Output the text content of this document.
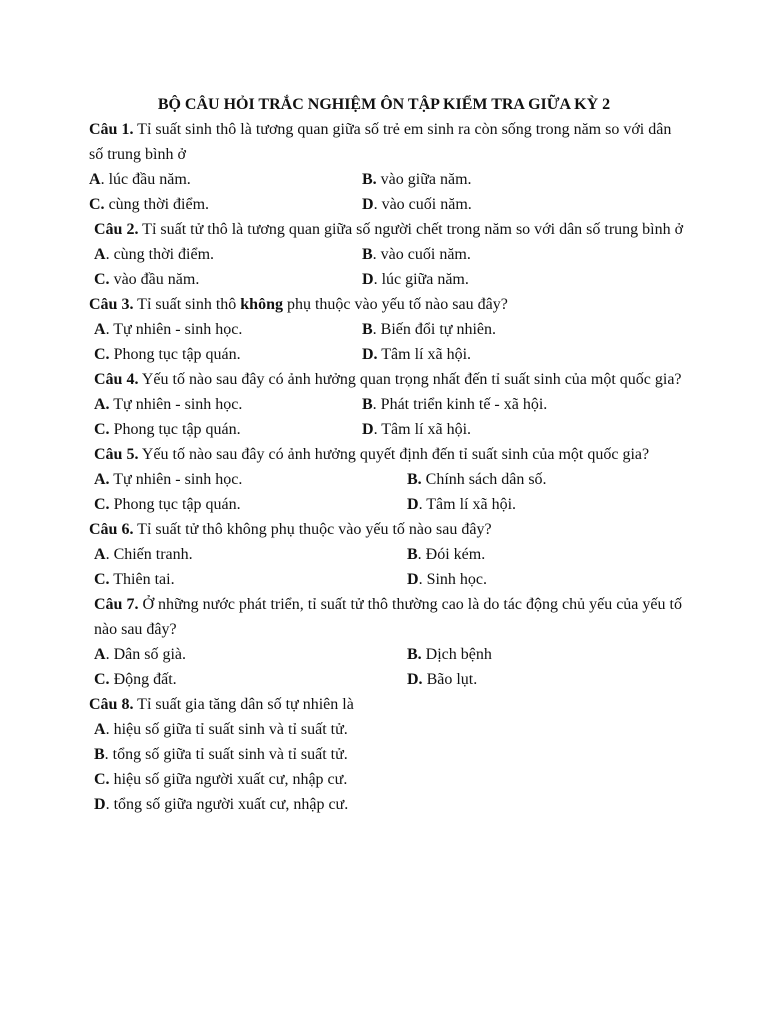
BỘ CÂU HỎI TRẮC NGHIỆM ÔN TẬP KIỂM TRA GIỮA KỲ 2

Câu 1. Tỉ suất sinh thô là tương quan giữa số trẻ em sinh ra còn sống trong năm so với dân số trung bình ở

A. lúc đầu năm.	B. vào giữa năm.
C. cùng thời điểm.	D. vào cuối năm.

Câu 2. Tỉ suất tử thô là tương quan giữa số người chết trong năm so với dân số trung bình ở

A. cùng thời điểm.	B. vào cuối năm.
C. vào đầu năm.	D. lúc giữa năm.

Câu 3. Tỉ suất sinh thô không phụ thuộc vào yếu tố nào sau đây?

A. Tự nhiên - sinh học.	B. Biến đổi tự nhiên.
C. Phong tục tập quán.	D. Tâm lí xã hội.

Câu 4. Yếu tố nào sau đây có ảnh hưởng quan trọng nhất đến tỉ suất sinh của một quốc gia?

A. Tự nhiên - sinh học.	B. Phát triển kinh tế - xã hội.
C. Phong tục tập quán.	D. Tâm lí xã hội.

Câu 5. Yếu tố nào sau đây có ảnh hưởng quyết định đến tỉ suất sinh của một quốc gia?

A. Tự nhiên - sinh học.	B. Chính sách dân số.
C. Phong tục tập quán.	D. Tâm lí xã hội.

Câu 6. Tỉ suất tử thô không phụ thuộc vào yếu tố nào sau đây?

A. Chiến tranh.	B. Đói kém.
C. Thiên tai.	D. Sinh học.

Câu 7. Ở những nước phát triển, tỉ suất tử thô thường cao là do tác động chủ yếu của yếu tố nào sau đây?

A. Dân số già.	B. Dịch bệnh
C. Động đất.	D. Bão lụt.

Câu 8. Tỉ suất gia tăng dân số tự nhiên là

A. hiệu số giữa tỉ suất sinh và tỉ suất tử.
B. tổng số giữa tỉ suất sinh và tỉ suất tử.
C. hiệu số giữa người xuất cư, nhập cư.
D. tổng số giữa người xuất cư, nhập cư.
